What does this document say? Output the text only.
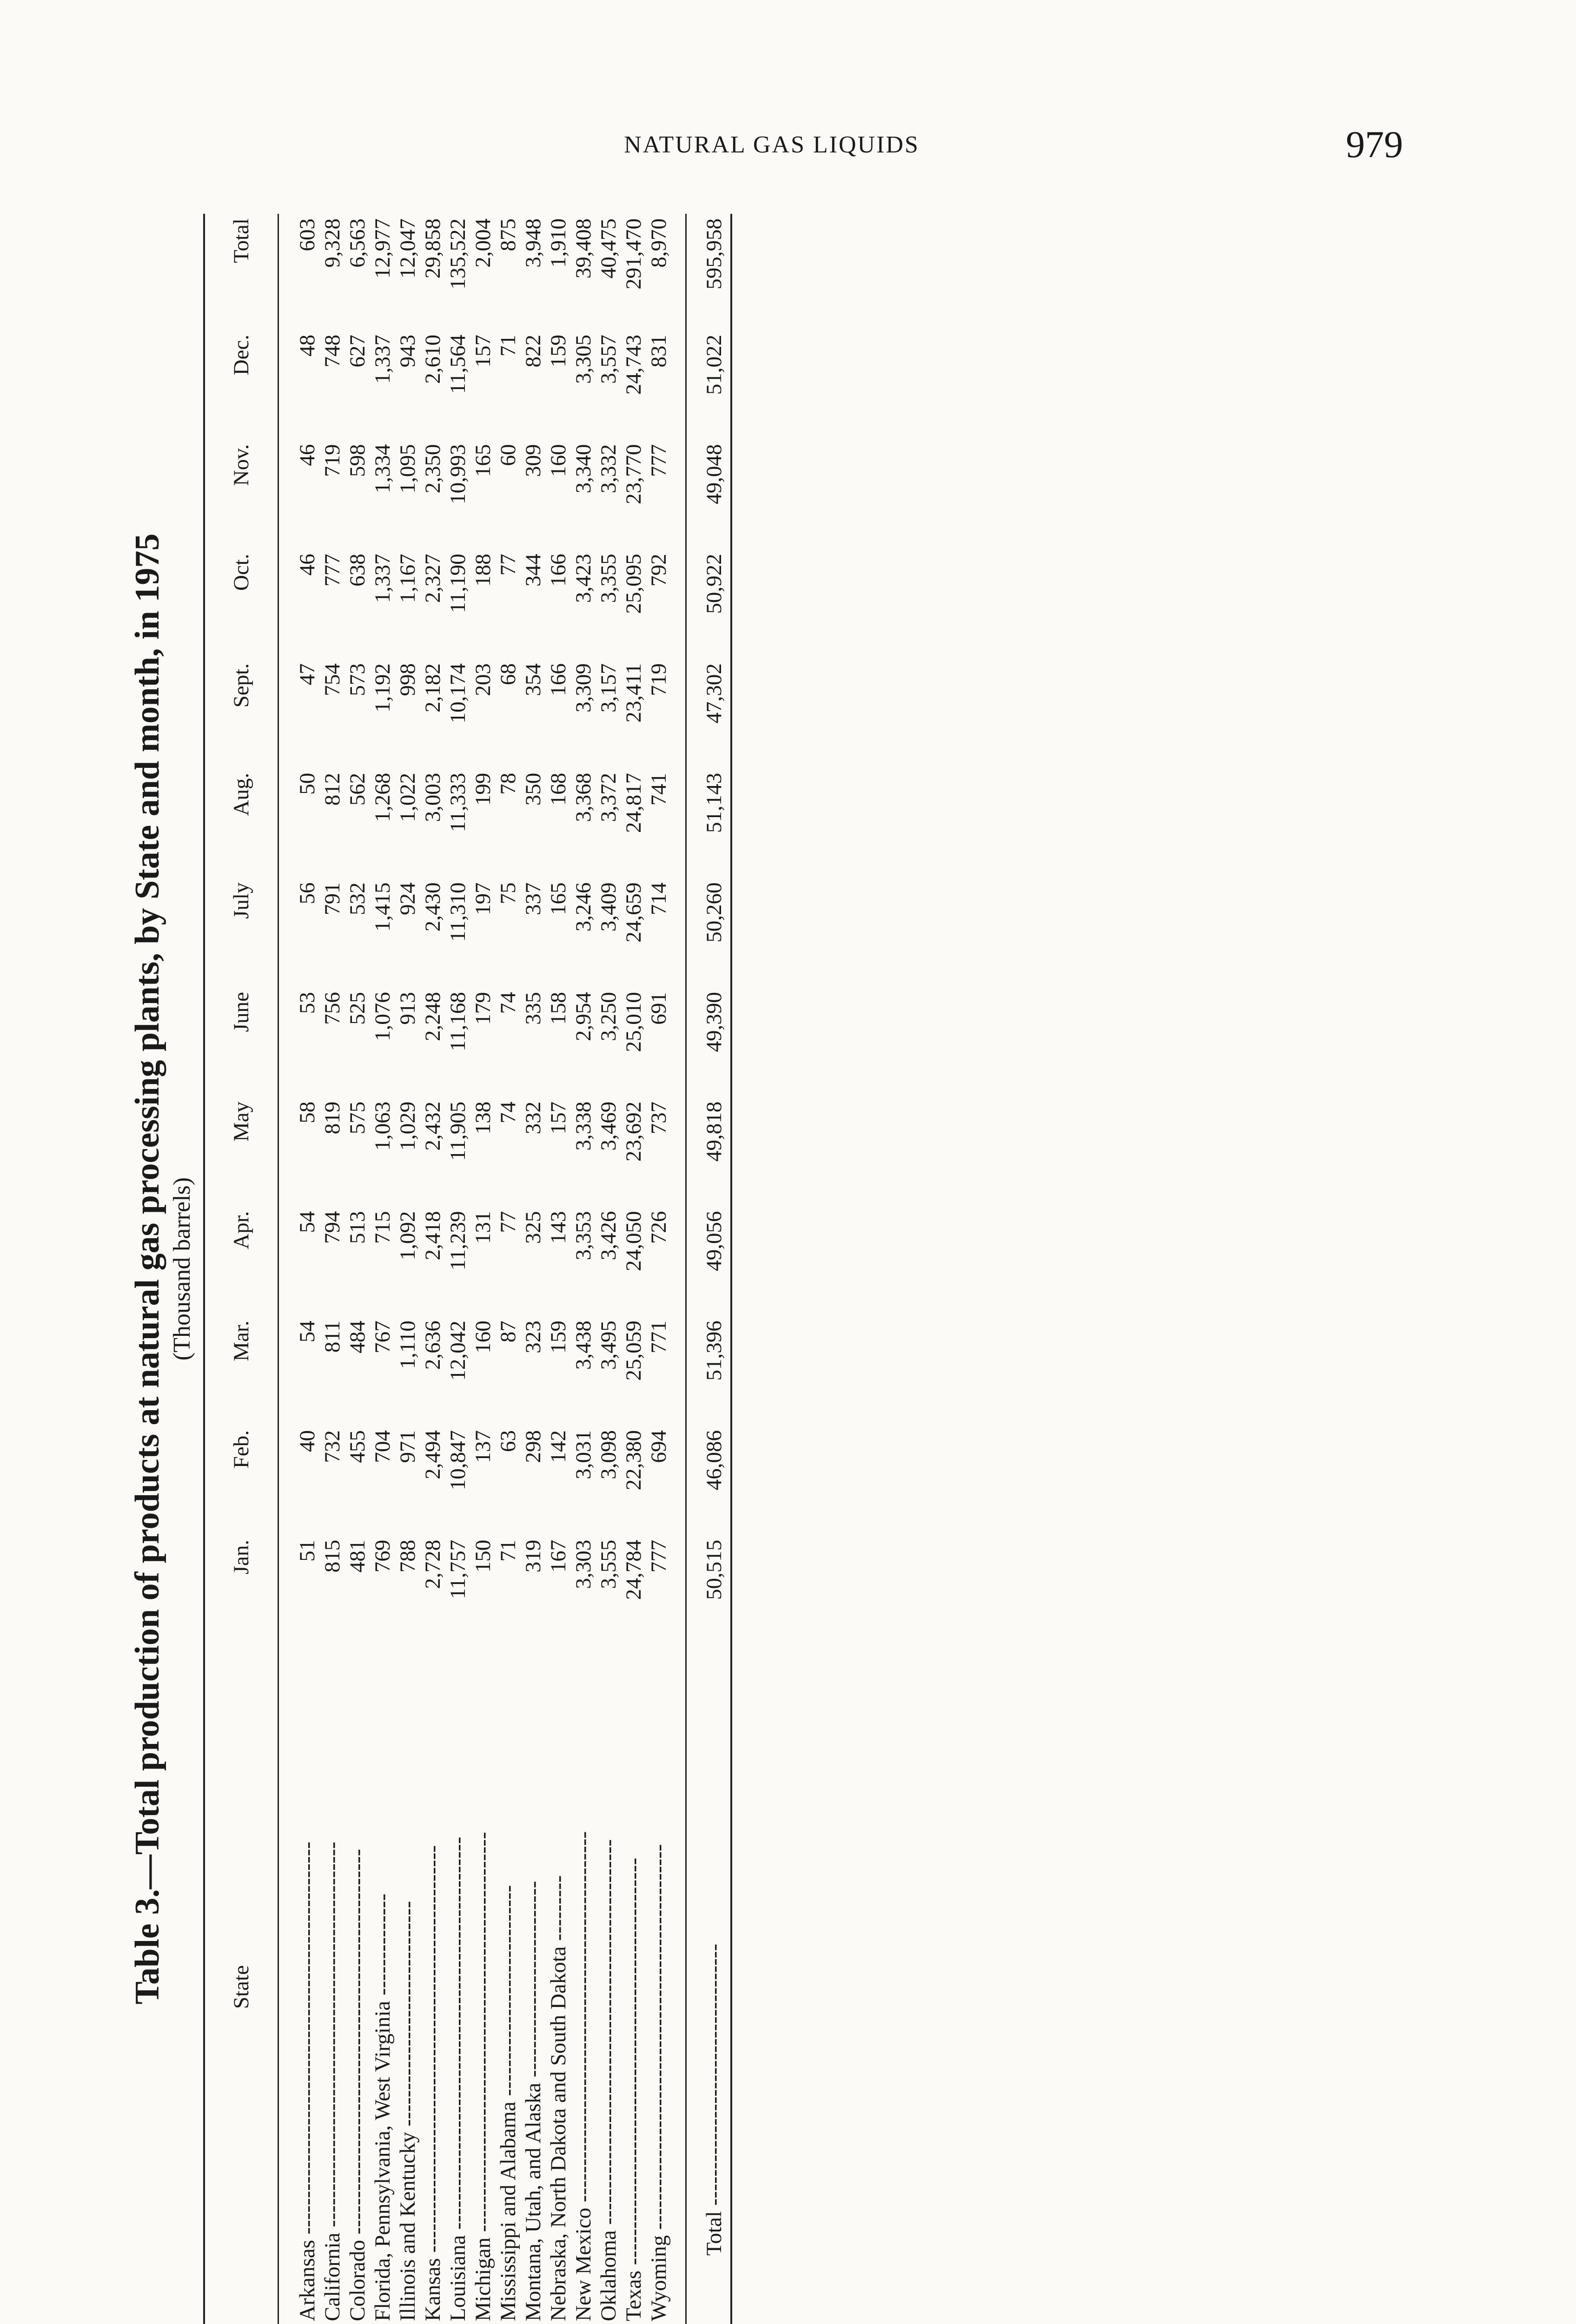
NATURAL GAS LIQUIDS	979
Table 3.—Total production of products at natural gas processing plants, by State and month, in 1975 (Thousand barrels)
State	Jan.	Feb.	Mar.	Apr.	May	June	July	Aug.	Sept.	Oct.	Nov.	Dec.	Total
Arkansas ------------------------------------------------------	51	40	54	54	58	53	56	50	47	46	46	48	603
California -----------------------------------------------------	815	732	811	794	819	756	791	812	754	777	719	748	9,328
Colorado -----------------------------------------------------	481	455	484	513	575	525	532	562	573	638	598	627	6,563
Florida, Pennsylvania, West Virginia --------------	769	704	767	715	1,063	1,076	1,415	1,268	1,192	1,337	1,334	1,337	12,977
Illinois and Kentucky -------------------------------	788	971	1,110	1,092	1,029	913	924	1,022	998	1,167	1,095	943	12,047
Kansas --------------------------------------------------------	2,728	2,494	2,636	2,418	2,432	2,248	2,430	3,003	2,182	2,327	2,350	2,610	29,858
Louisiana ------------------------------------------------------	11,757	10,847	12,042	11,239	11,905	11,168	11,310	11,333	10,174	11,190	10,993	11,564	135,522
Michigan -------------------------------------------------------	150	137	160	131	138	179	197	199	203	188	165	157	2,004
Mississippi and Alabama -----------------------------	71	63	87	77	74	74	75	78	68	77	60	71	875
Montana, Utah, and Alaska ---------------------------	319	298	323	325	332	335	337	350	354	344	309	822	3,948
Nebraska, North Dakota and South Dakota ---------	167	142	159	143	157	158	165	168	166	166	160	159	1,910
New Mexico ---------------------------------------------------	3,303	3,031	3,438	3,353	3,338	2,954	3,246	3,368	3,309	3,423	3,340	3,305	39,408
Oklahoma -----------------------------------------------------	3,555	3,098	3,495	3,426	3,469	3,250	3,409	3,372	3,157	3,355	3,332	3,557	40,475
Texas --------------------------------------------------------	24,784	22,380	25,059	24,050	23,692	25,010	24,659	24,817	23,411	25,095	23,770	24,743	291,470
Wyoming -----------------------------------------------------	777	694	771	726	737	691	714	741	719	792	777	831	8,970
Total ------------------------------------	50,515	46,086	51,396	49,056	49,818	49,390	50,260	51,143	47,302	50,922	49,048	51,022	595,958
